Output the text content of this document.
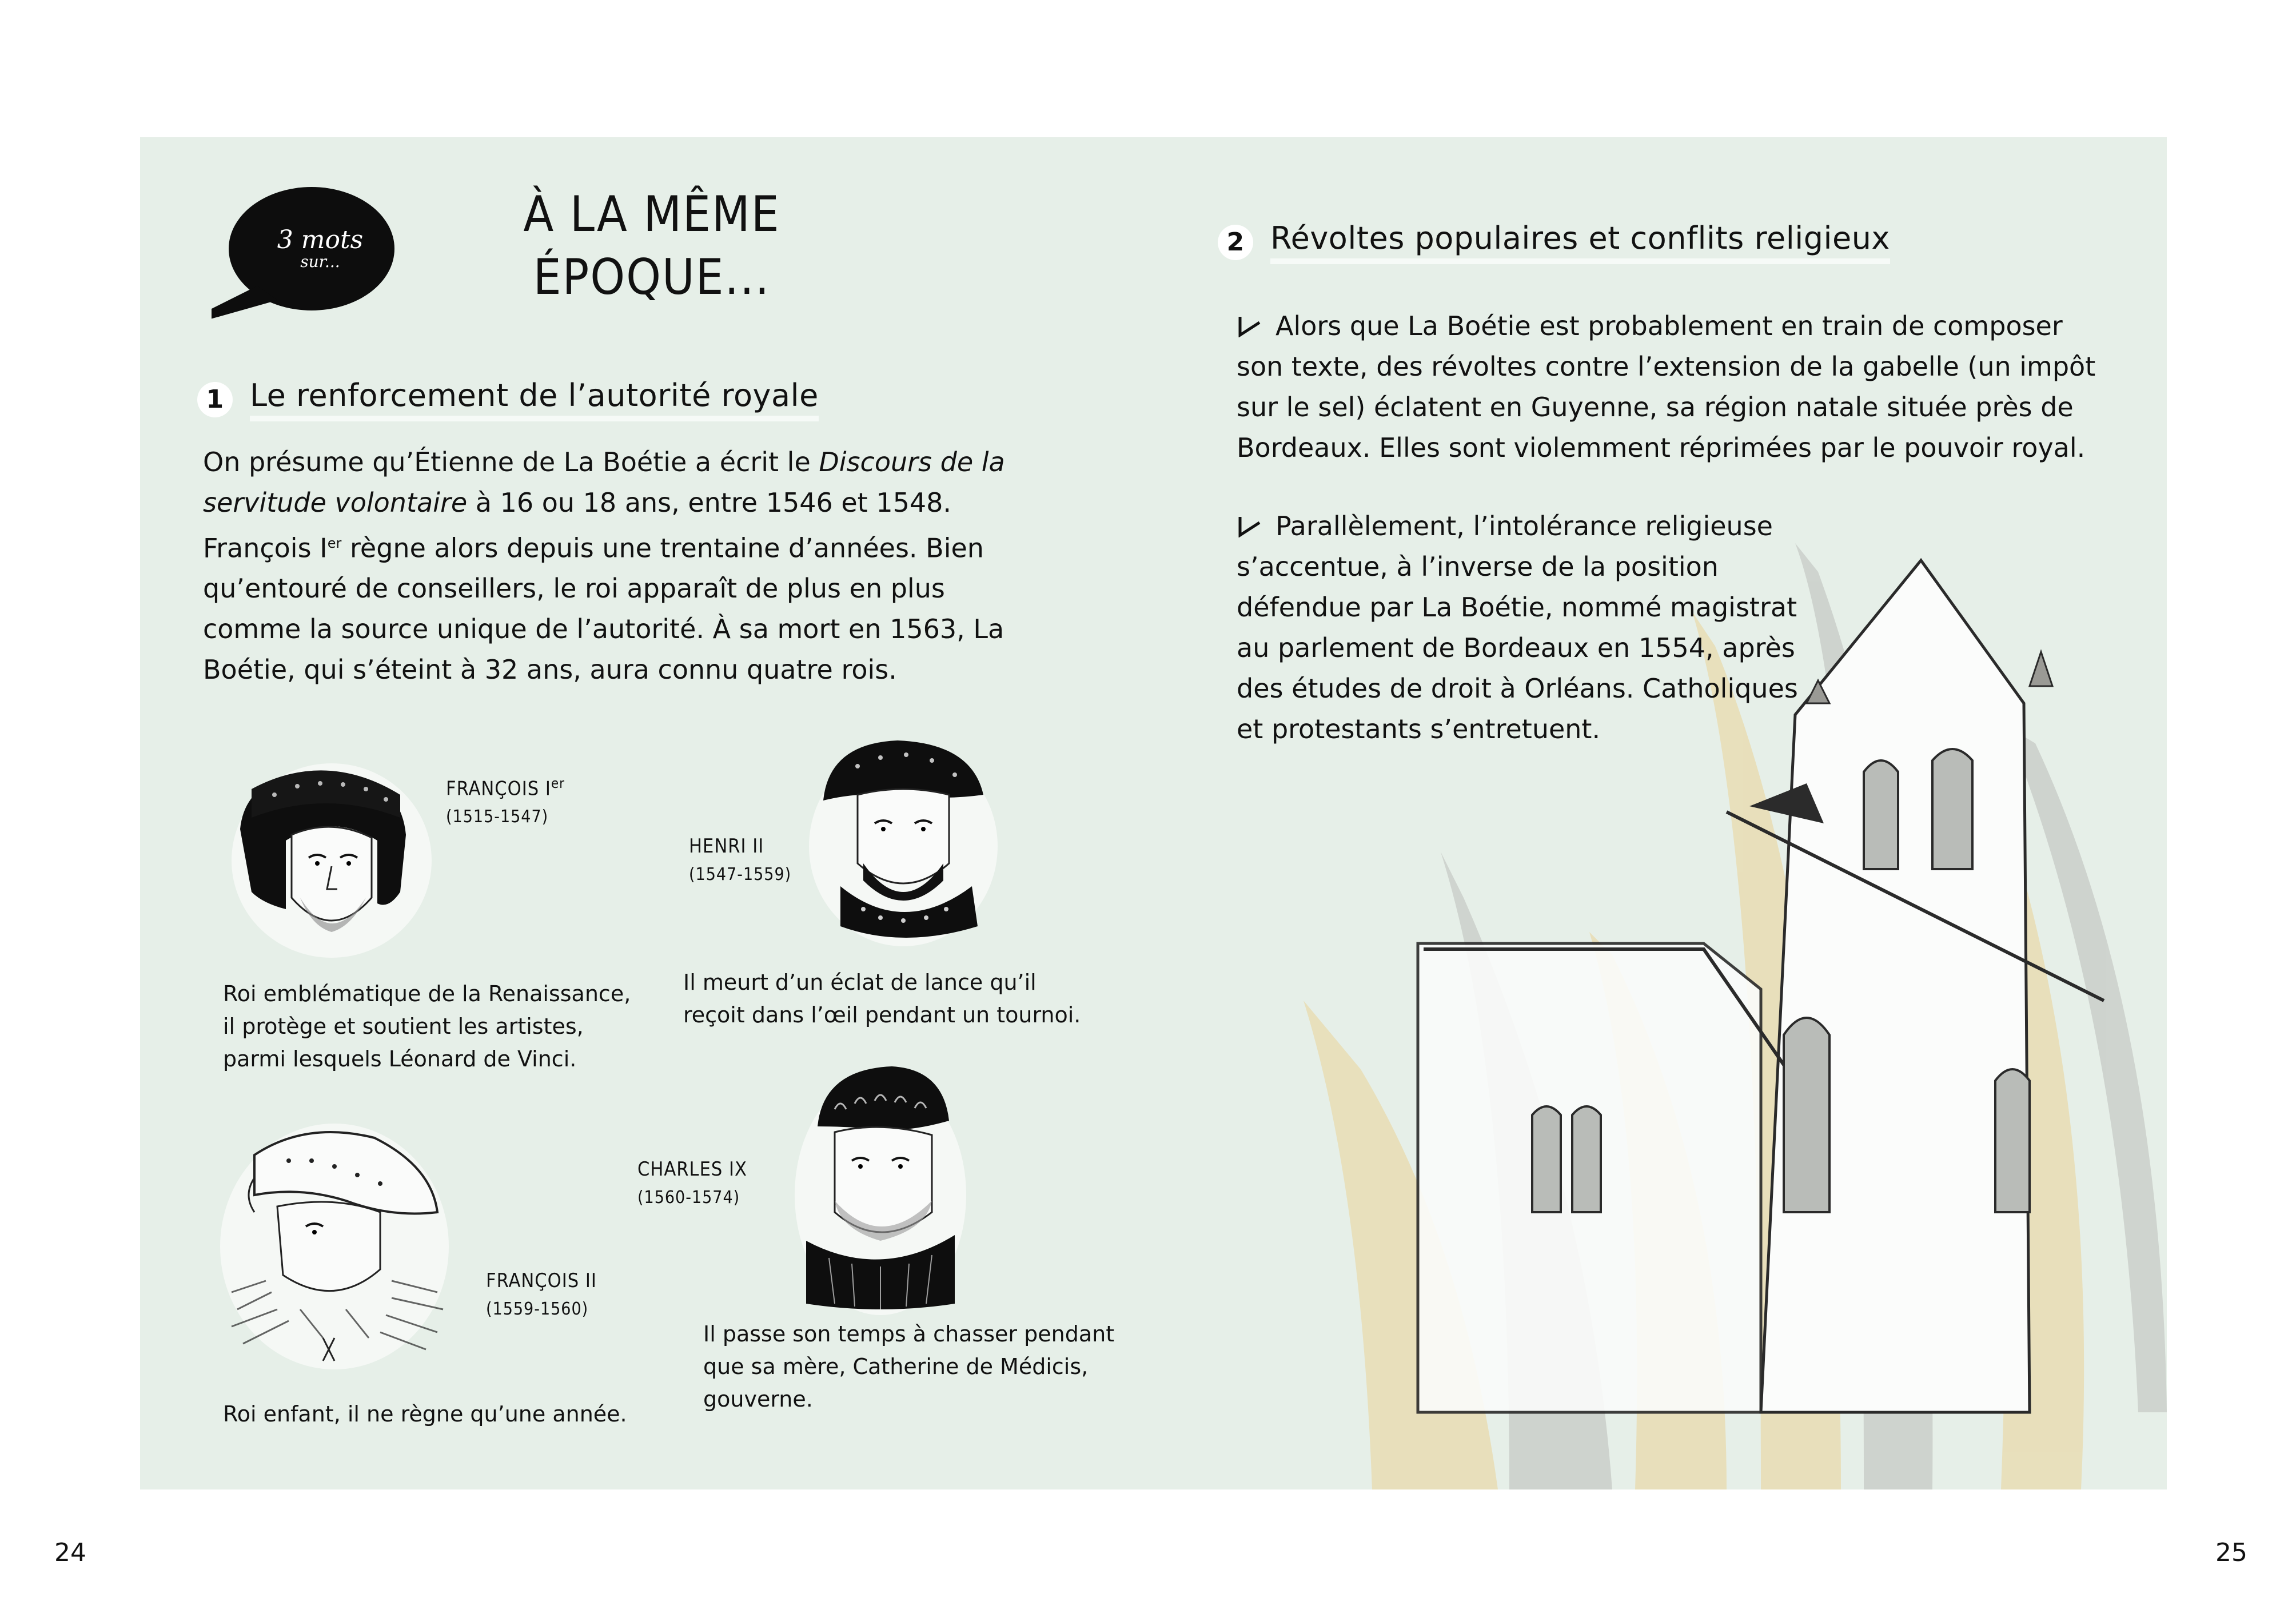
3 mots
sur...
À LA MÊME
ÉPOQUE...
1 Le renforcement de l’autorité royale

On présume qu’Étienne de La Boétie a écrit le Discours de la servitude volontaire à 16 ou 18 ans, entre 1546 et 1548. François Ier règne alors depuis une trentaine d’années. Bien qu’entouré de conseillers, le roi apparaît de plus en plus comme la source unique de l’autorité. À sa mort en 1563, La Boétie, qui s’éteint à 32 ans, aura connu quatre rois.

FRANÇOIS Ier
(1515-1547)

Roi emblématique de la Renaissance, il protège et soutient les artistes, parmi lesquels Léonard de Vinci.

HENRI II
(1547-1559)

Il meurt d’un éclat de lance qu’il reçoit dans l’œil pendant un tournoi.

FRANÇOIS II
(1559-1560)

Roi enfant, il ne règne qu’une année.

CHARLES IX
(1560-1574)

Il passe son temps à chasser pendant que sa mère, Catherine de Médicis, gouverne.

2 Révoltes populaires et conflits religieux

Alors que La Boétie est probablement en train de composer son texte, des révoltes contre l’extension de la gabelle (un impôt sur le sel) éclatent en Guyenne, sa région natale située près de Bordeaux. Elles sont violemment réprimées par le pouvoir royal.

Parallèlement, l’intolérance religieuse s’accentue, à l’inverse de la position défendue par La Boétie, nommé magistrat au parlement de Bordeaux en 1554, après des études de droit à Orléans. Catholiques et protestants s’entretuent.

24	25
